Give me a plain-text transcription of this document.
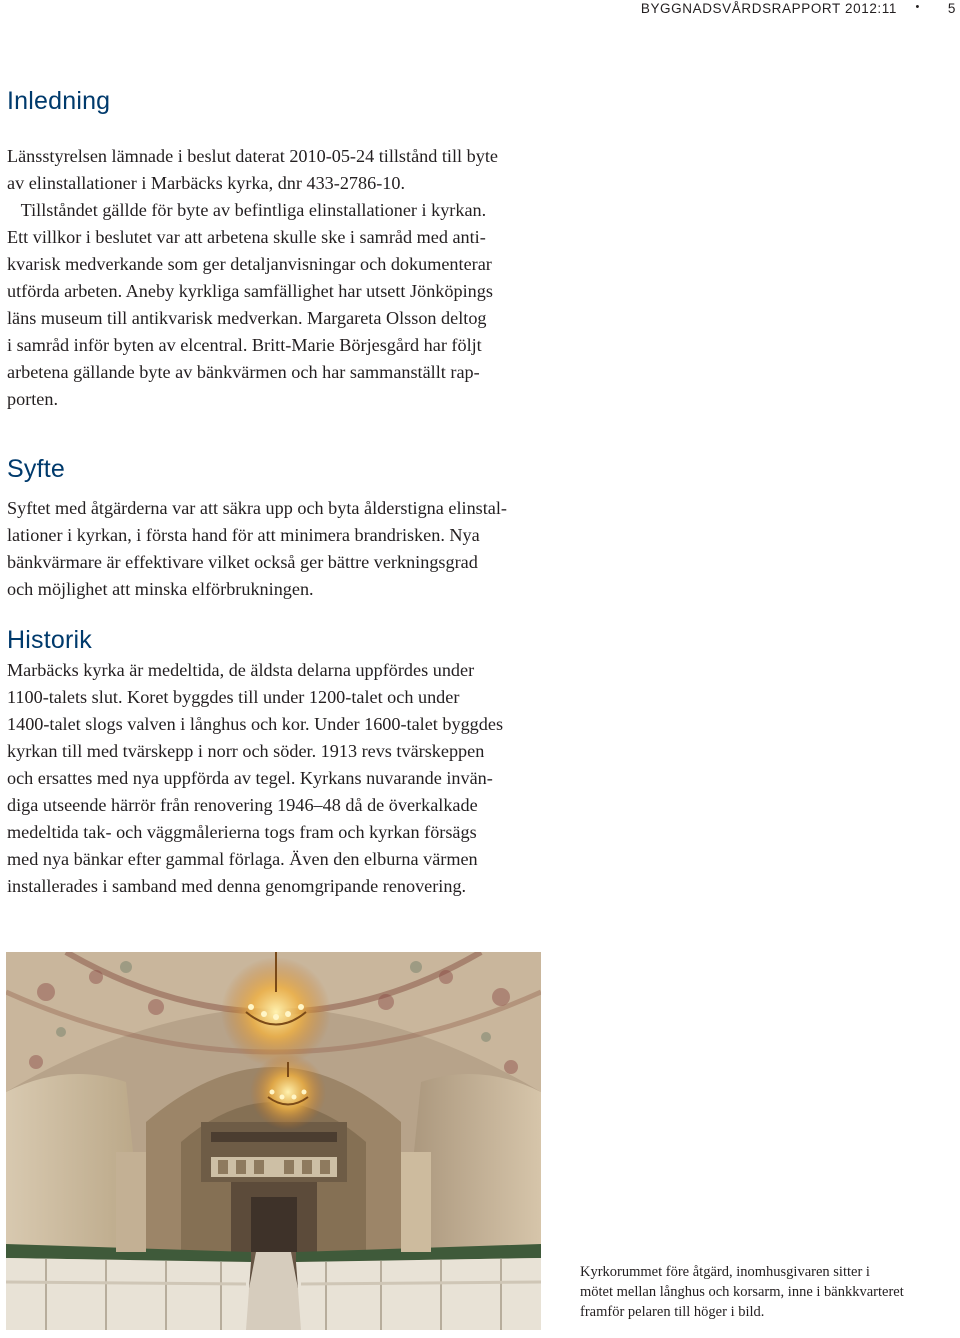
BYGGNADSVÅRDSRAPPORT 2012:11 • 5
Inledning
Länsstyrelsen lämnade i beslut daterat 2010-05-24 tillstånd till byte
av elinstallationer i Marbäcks kyrka, dnr 433-2786-10.
Tillståndet gällde för byte av befintliga elinstallationer i kyrkan.
Ett villkor i beslutet var att arbetena skulle ske i samråd med anti-
kvarisk medverkande som ger detaljanvisningar och dokumenterar
utförda arbeten. Aneby kyrkliga samfällighet har utsett Jönköpings
läns museum till antikvarisk medverkan. Margareta Olsson deltog
i samråd inför byten av elcentral. Britt-Marie Börjesgård har följt
arbetena gällande byte av bänkvärmen och har sammanställt rap-
porten.
Syfte
Syftet med åtgärderna var att säkra upp och byta ålderstigna elinstal-
lationer i kyrkan, i första hand för att minimera brandrisken. Nya
bänkvärmare är effektivare vilket också ger bättre verkningsgrad
och möjlighet att minska elförbrukningen.
Historik
Marbäcks kyrka är medeltida, de äldsta delarna uppfördes under
1100-talets slut. Koret byggdes till under 1200-talet och under
1400-talet slogs valven i långhus och kor. Under 1600-talet byggdes
kyrkan till med tvärskepp i norr och söder. 1913 revs tvärskeppen
och ersattes med nya uppförda av tegel. Kyrkans nuvarande invän-
diga utseende härrör från renovering 1946–48 då de överkalkade
medeltida tak- och väggmålerierna togs fram och kyrkan försägs
med nya bänkar efter gammal förlaga. Även den elburna värmen
installerades i samband med denna genomgripande renovering.
Kyrkorummet före åtgärd, inomhusgivaren sitter i
mötet mellan långhus och korsarm, inne i bänkkvarteret
framför pelaren till höger i bild.
